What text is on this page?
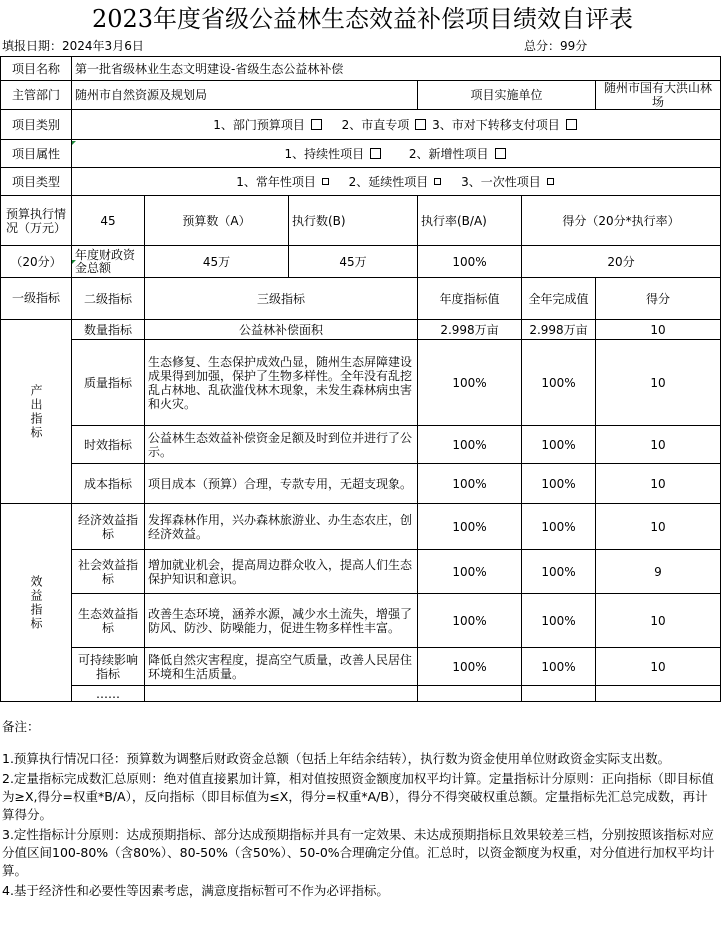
2023年度省级公益林生态效益补偿项目绩效自评表
填报日期：2024年3月6日	总分：99分
项目名称	第一批省级林业生态文明建设-省级生态公益林补偿					
主管部门	随州市自然资源及规划局			项目实施单位		随州市国有大洪山林场
项目类别	1、部门预算项目 2、市直专项 3、市对下转移支付项目					
项目属性	1、持续性项目 2、新增性项目					
项目类型	1、常年性项目 2、延续性项目 3、一次性项目					
预算执行情况（万元）	45	预算数（A）	执行数(B)	执行率(B/A)	得分（20分*执行率）	
（20分）	年度财政资金总额	45万	45万	100%	20分	
一级指标	二级指标	三级指标		年度指标值	全年完成值	得分

产出指标	数量指标	公益林补偿面积		2.998万亩	2.998万亩	10
	质量指标	生态修复、生态保护成效凸显，随州生态屏障建设成果得到加强，保护了生物多样性。全年没有乱挖乱占林地、乱砍滥伐林木现象，未发生森林病虫害和火灾。		100%	100%	10
	时效指标	公益林生态效益补偿资金足额及时到位并进行了公示。		100%	100%	10
	成本指标	项目成本（预算）合理，专款专用，无超支现象。		100%	100%	10

效益指标	经济效益指标	发挥森林作用，兴办森林旅游业、办生态农庄，创经济效益。		100%	100%	10
	社会效益指标	增加就业机会，提高周边群众收入，提高人们生态保护知识和意识。		100%	100%	9
	生态效益指标	改善生态环境，涵养水源，减少水土流失，增强了防风、防沙、防噪能力，促进生物多样性丰富。		100%	100%	10
	可持续影响指标	降低自然灾害程度，提高空气质量，改善人民居住环境和生活质量。		100%	100%	10
	……					

备注：

1.预算执行情况口径：预算数为调整后财政资金总额（包括上年结余结转），执行数为资金使用单位财政资金实际支出数。

2.定量指标完成数汇总原则：绝对值直接累加计算，相对值按照资金额度加权平均计算。定量指标计分原则：正向指标（即目标值为≥X,得分=权重*B/A），反向指标（即目标值为≤X，得分=权重*A/B），得分不得突破权重总额。定量指标先汇总完成数，再计算得分。

3.定性指标计分原则：达成预期指标、部分达成预期指标并具有一定效果、未达成预期指标且效果较差三档，分别按照该指标对应分值区间100-80%（含80%）、80-50%（含50%）、50-0%合理确定分值。汇总时，以资金额度为权重，对分值进行加权平均计算。

4.基于经济性和必要性等因素考虑，满意度指标暂可不作为必评指标。
